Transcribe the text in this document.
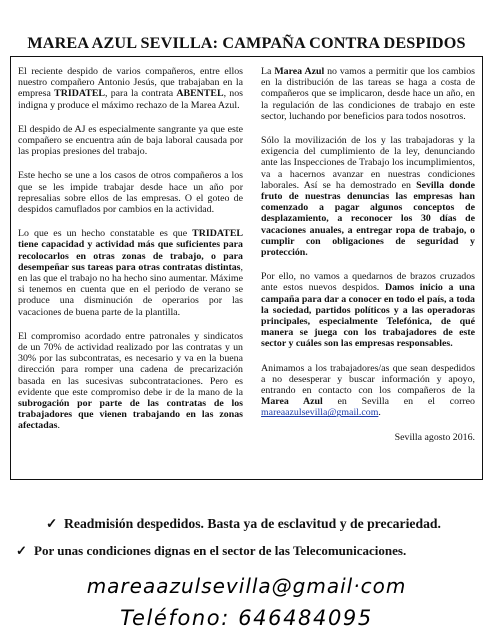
MAREA AZUL SEVILLA: CAMPAÑA CONTRA DESPIDOS

El reciente despido de varios compañeros, entre ellos nuestro compañero Antonio Jesús, que trabajaban en la empresa TRIDATEL, para la contrata ABENTEL, nos indigna y produce el máximo rechazo de la Marea Azul.

El despido de AJ es especialmente sangrante ya que este compañero se encuentra aún de baja laboral causada por las propias presiones del trabajo.

Este hecho se une a los casos de otros compañeros a los que se les impide trabajar desde hace un año por represalias sobre ellos de las empresas. O el goteo de despidos camuflados por cambios en la actividad.

Lo que es un hecho constatable es que TRIDATEL tiene capacidad y actividad más que suficientes para recolocarlos en otras zonas de trabajo, o para desempeñar sus tareas para otras contratas distintas, en las que el trabajo no ha hecho sino aumentar. Máxime si tenemos en cuenta que en el periodo de verano se produce una disminución de operarios por las vacaciones de buena parte de la plantilla.

El compromiso acordado entre patronales y sindicatos de un 70% de actividad realizado por las contratas y un 30% por las subcontratas, es necesario y va en la buena dirección para romper una cadena de precarización basada en las sucesivas subcontrataciones. Pero es evidente que este compromiso debe ir de la mano de la subrogación por parte de las contratas de los trabajadores que vienen trabajando en las zonas afectadas.

La Marea Azul no vamos a permitir que los cambios en la distribución de las tareas se haga a costa de compañeros que se implicaron, desde hace un año, en la regulación de las condiciones de trabajo en este sector, luchando por beneficios para todos nosotros.

Sólo la movilización de los y las trabajadoras y la exigencia del cumplimiento de la ley, denunciando ante las Inspecciones de Trabajo los incumplimientos, va a hacernos avanzar en nuestras condiciones laborales. Así se ha demostrado en Sevilla donde fruto de nuestras denuncias las empresas han comenzado a pagar algunos conceptos de desplazamiento, a reconocer los 30 días de vacaciones anuales, a entregar ropa de trabajo, o cumplir con obligaciones de seguridad y protección.

Por ello, no vamos a quedarnos de brazos cruzados ante estos nuevos despidos. Damos inicio a una campaña para dar a conocer en todo el país, a toda la sociedad, partidos políticos y a las operadoras principales, especialmente Telefónica, de qué manera se juega con los trabajadores de este sector y cuáles son las empresas responsables.

Animamos a los trabajadores/as que sean despedidos a no desesperar y buscar información y apoyo, entrando en contacto con los compañeros de la Marea Azul en Sevilla en el correo mareaazulsevilla@gmail.com.

Sevilla agosto 2016.

✓ Readmisión despedidos. Basta ya de esclavitud y de precariedad.
✓ Por unas condiciones dignas en el sector de las Telecomunicaciones.
mareaazulsevilla@gmail·com
Teléfono: 646484095
